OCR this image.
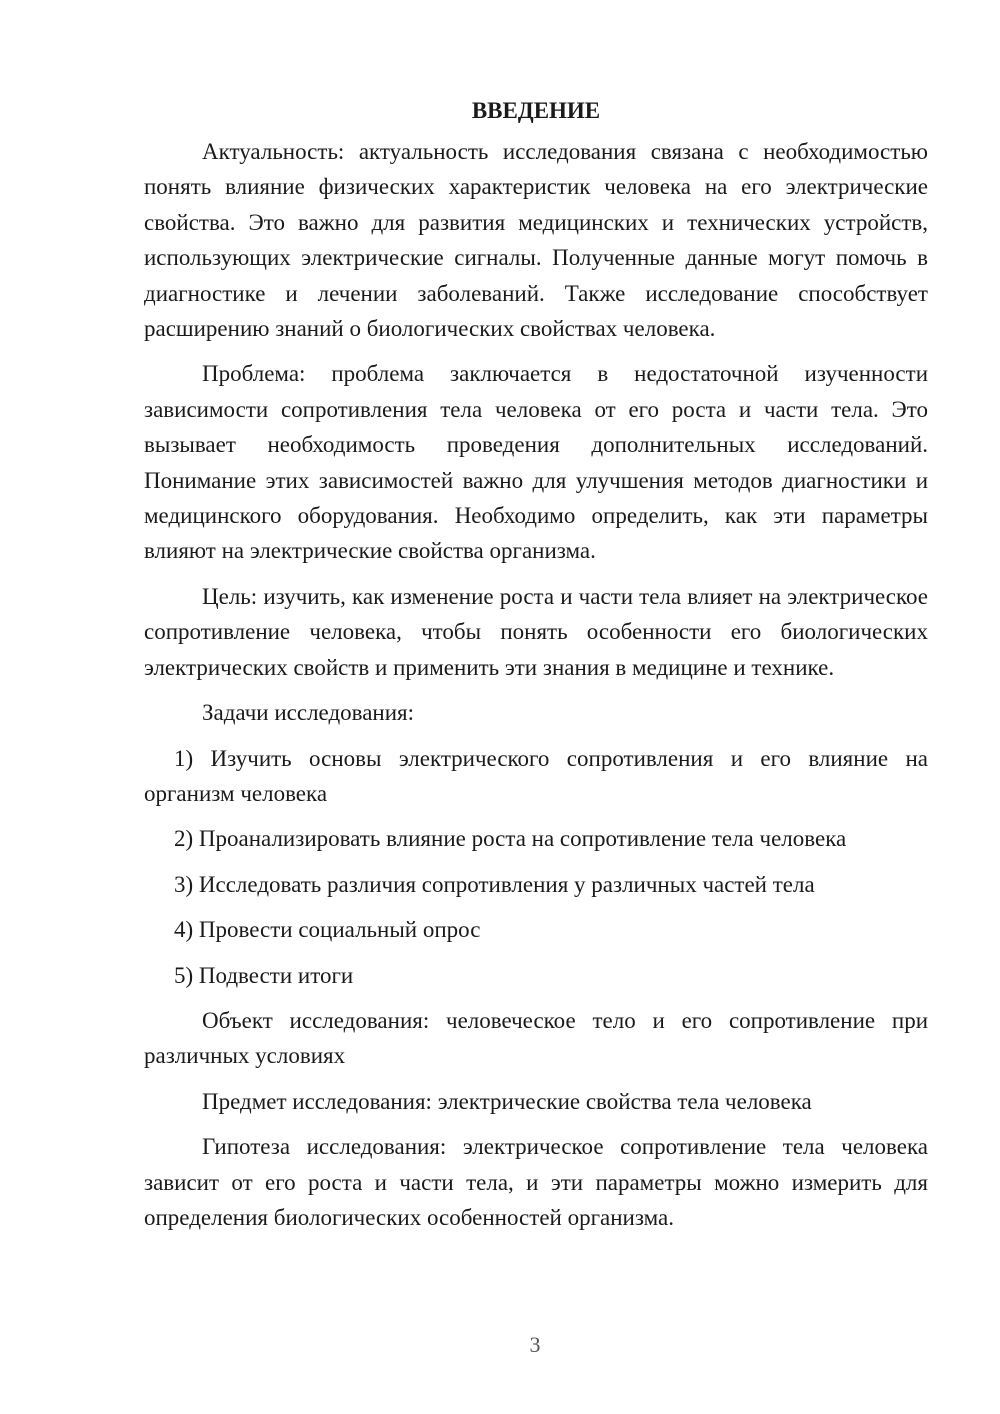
ВВЕДЕНИЕ

Актуальность: актуальность исследования связана с необходимостью понять влияние физических характеристик человека на его электрические свойства. Это важно для развития медицинских и технических устройств, использующих электрические сигналы. Полученные данные могут помочь в диагностике и лечении заболеваний. Также исследование способствует расширению знаний о биологических свойствах человека.

Проблема: проблема заключается в недостаточной изученности зависимости сопротивления тела человека от его роста и части тела. Это вызывает необходимость проведения дополнительных исследований. Понимание этих зависимостей важно для улучшения методов диагностики и медицинского оборудования. Необходимо определить, как эти параметры влияют на электрические свойства организма.

Цель: изучить, как изменение роста и части тела влияет на электрическое сопротивление человека, чтобы понять особенности его биологических электрических свойств и применить эти знания в медицине и технике.

Задачи исследования:

1) Изучить основы электрического сопротивления и его влияние на организм человека

2) Проанализировать влияние роста на сопротивление тела человека

3) Исследовать различия сопротивления у различных частей тела

4) Провести социальный опрос

5) Подвести итоги

Объект исследования: человеческое тело и его сопротивление при различных условиях

Предмет исследования: электрические свойства тела человека

Гипотеза исследования: электрическое сопротивление тела человека зависит от его роста и части тела, и эти параметры можно измерить для определения биологических особенностей организма.

3
